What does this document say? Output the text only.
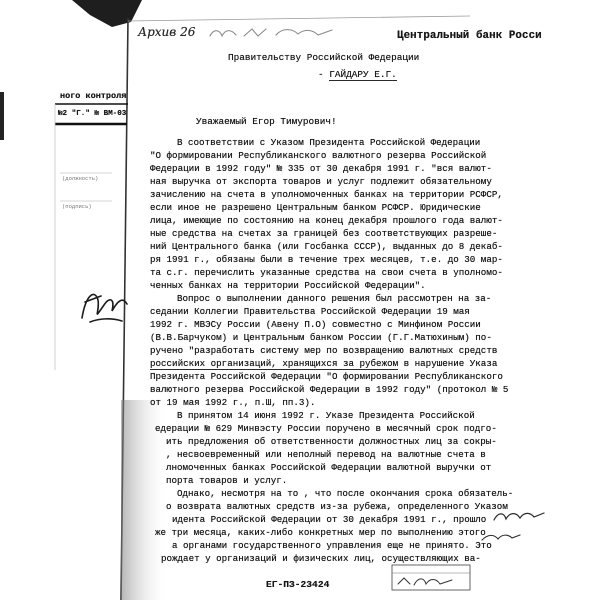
Архив 26	Центральный банк Росси
ного контроля
№2 "Г." № ВМ-03
(должность)
(подпись)
Правительству Российской Федерации
- ГАЙДАРУ Е.Г.
Уважаемый Егор Тимурович!
В соответствии с Указом Президента Российской Федерации
"О формировании Республиканского валютного резерва Российской
Федерации в 1992 году" № 335 от 30 декабря 1991 г. "вся валют-
ная выручка от экспорта товаров и услуг подлежит обязательному
зачислению на счета в уполномоченных банках на территории РСФСР,
если иное не разрешено Центральным банком РСФСР. Юридические
лица, имеющие по состоянию на конец декабря прошлого года валют-
ные средства на счетах за границей без соответствующих разреше-
ний Центрального банка (или Госбанка СССР), выданных до 8 декаб-
ря 1991 г., обязаны были в течение трех месяцев, т.е. до 30 мар-
та с.г. перечислить указанные средства на свои счета в уполномо-
ченных банках на территории Российской Федерации".
Вопрос о выполнении данного решения был рассмотрен на за-
седании Коллегии Правительства Российской Федерации 19 мая
1992 г. МВЭСу России (Авену П.О) совместно с Минфином России
(В.В.Барчуком) и Центральным банком России (Г.Г.Матюхиным) по-
ручено "разработать систему мер по возвращению валютных средств
российских организаций, хранящихся за рубежом в нарушение Указа
Президента Российской Федерации "О формировании Республиканского
валютного резерва Российской Федерации в 1992 году" (протокол № 5
от 19 мая 1992 г., п.Ш, пп.3).
В принятом 14 июня 1992 г. Указе Президента Российской
едерации № 629 Минвэсту России поручено в месячный срок подго-
ить предложения об ответственности должностных лиц за сокры-
, несвоевременный или неполный перевод на валютные счета в
лномоченных банках Российской Федерации валютной выручки от
порта товаров и услуг.
Однако, несмотря на то , что после окончания срока обязатель-
о возврата валютных средств из-за рубежа, определенного Указом
идента Российской Федерации от 30 декабря 1991 г., прошло
же три месяца, каких-либо конкретных мер по выполнению этого
а органами государственного управления еще не принято. Это
рождает у организаций и физических лиц, осуществляющих ва-
ЕГ-ПЗ-23424
